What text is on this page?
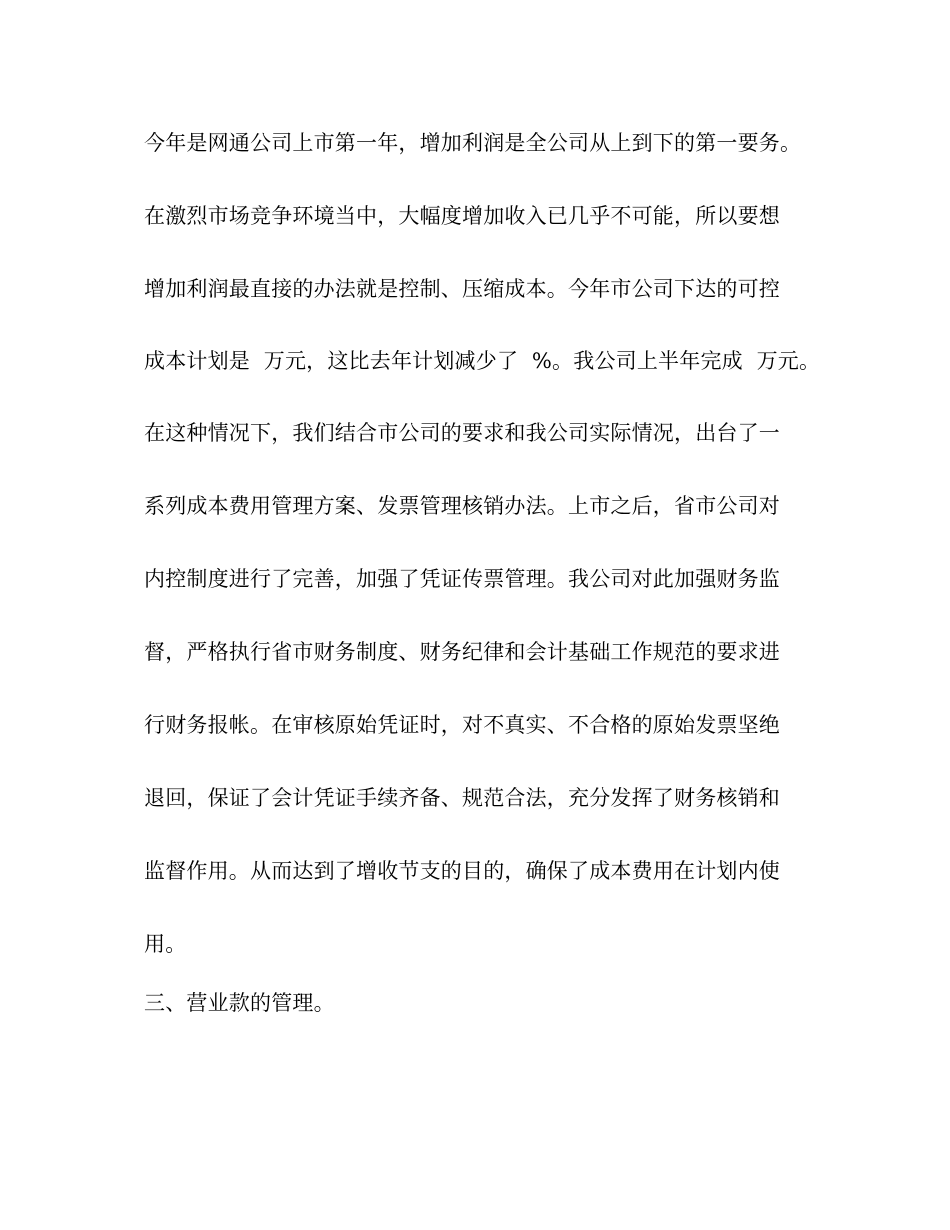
今年是网通公司上市第一年，增加利润是全公司从上到下的第一要务。
在激烈市场竞争环境当中，大幅度增加收入已几乎不可能，所以要想
增加利润最直接的办法就是控制、压缩成本。今年市公司下达的可控
成本计划是  万元，这比去年计划减少了  %。我公司上半年完成  万元。
在这种情况下，我们结合市公司的要求和我公司实际情况，出台了一
系列成本费用管理方案、发票管理核销办法。上市之后，省市公司对
内控制度进行了完善，加强了凭证传票管理。我公司对此加强财务监
督，严格执行省市财务制度、财务纪律和会计基础工作规范的要求进
行财务报帐。在审核原始凭证时，对不真实、不合格的原始发票坚绝
退回，保证了会计凭证手续齐备、规范合法，充分发挥了财务核销和
监督作用。从而达到了增收节支的目的，确保了成本费用在计划内使
用。
三、营业款的管理。
